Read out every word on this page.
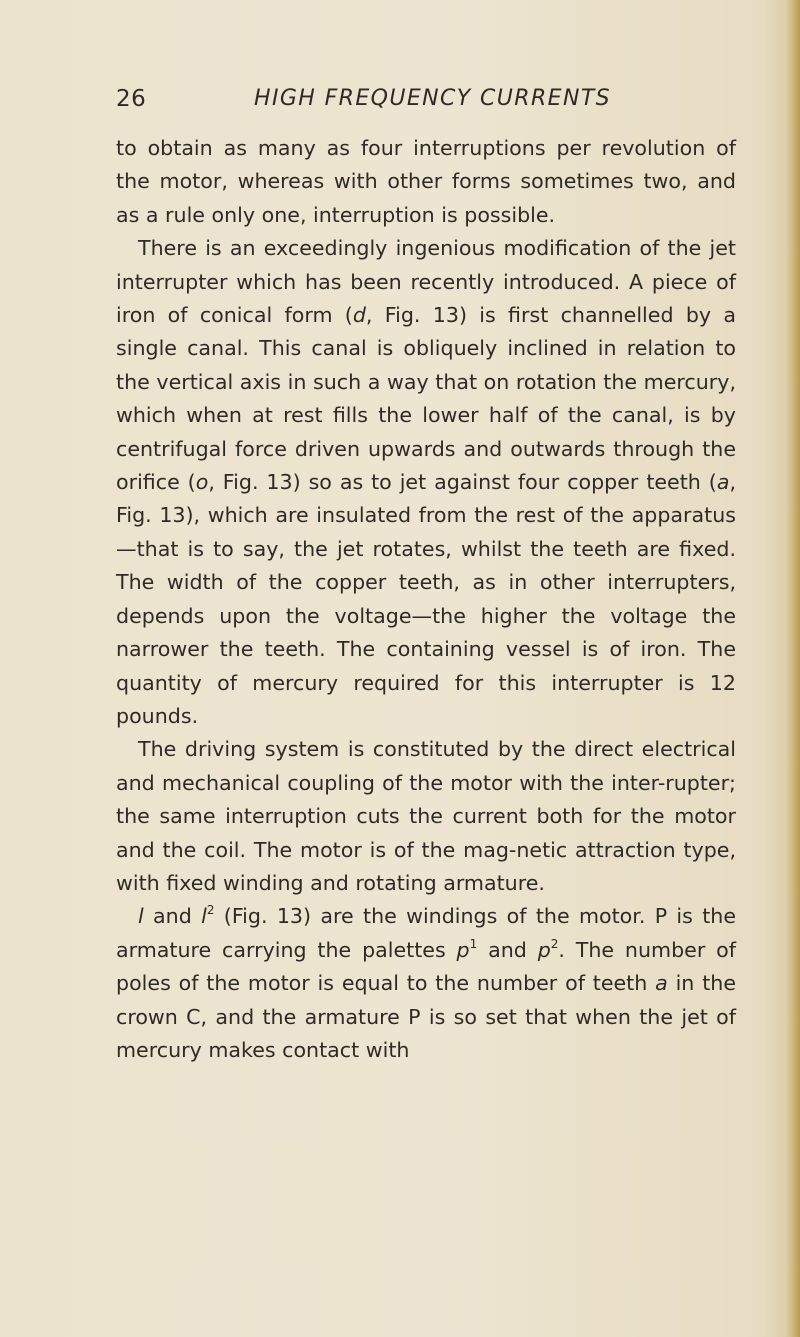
26	HIGH FREQUENCY CURRENTS

to obtain as many as four interruptions per revolution of the motor, whereas with other forms sometimes two, and as a rule only one, interruption is possible.

There is an exceedingly ingenious modification of the jet interrupter which has been recently introduced. A piece of iron of conical form (d, Fig. 13) is first channelled by a single canal. This canal is obliquely inclined in relation to the vertical axis in such a way that on rotation the mercury, which when at rest fills the lower half of the canal, is by centrifugal force driven upwards and outwards through the orifice (o, Fig. 13) so as to jet against four copper teeth (a, Fig. 13), which are insulated from the rest of the apparatus—that is to say, the jet rotates, whilst the teeth are fixed. The width of the copper teeth, as in other interrupters, depends upon the voltage—the higher the voltage the narrower the teeth. The containing vessel is of iron. The quantity of mercury required for this interrupter is 12 pounds.

The driving system is constituted by the direct electrical and mechanical coupling of the motor with the inter-rupter; the same interruption cuts the current both for the motor and the coil. The motor is of the mag-netic attraction type, with fixed winding and rotating armature.

l and $l^2$ (Fig. 13) are the windings of the motor. P is the armature carrying the palettes $p^1$ and $p^2$. The number of poles of the motor is equal to the number of teeth a in the crown C, and the armature P is so set that when the jet of mercury makes contact with
